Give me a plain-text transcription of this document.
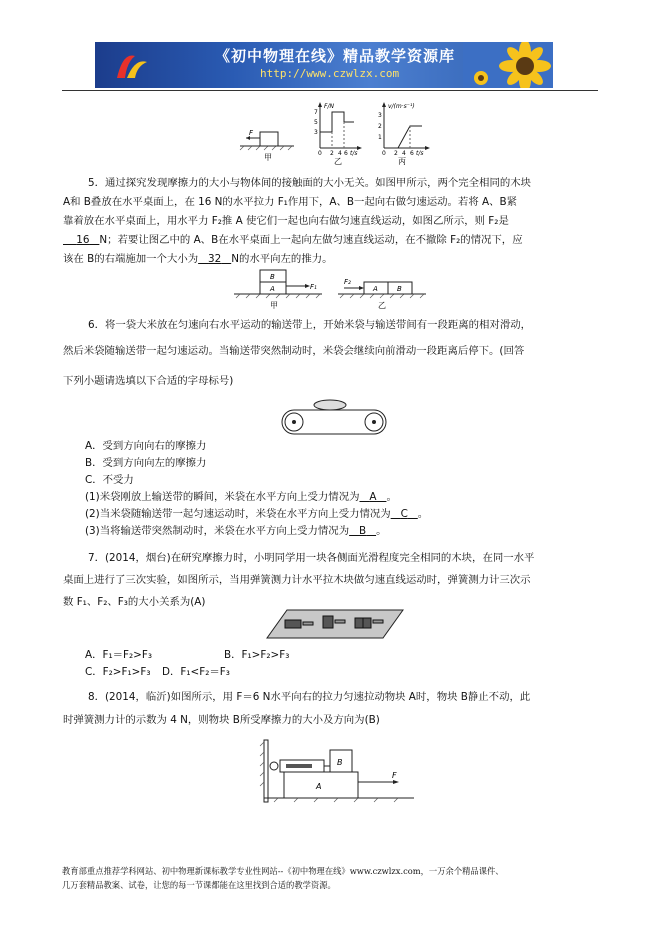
《初中物理在线》精品教学资源库
http://www.czwlzx.com
F
甲
F/N
7
5
3
0 2 4 6 t/s
乙
v/(m·s⁻¹)
3
2
1
0 2 4 6 t/s
丙
5．通过探究发现摩擦力的大小与物体间的接触面的大小无关。如图甲所示，两个完全相同的木块
A和 B叠放在水平桌面上，在 16 N的水平拉力 F₁作用下，A、B一起向右做匀速运动。若将 A、B紧
靠着放在水平桌面上，用水平力 F₂推 A 使它们一起也向右做匀速直线运动，如图乙所示，则 F₂是
16 N；若要让图乙中的 A、B在水平桌面上一起向左做匀速直线运动，在不撤除 F₂的情况下，应
该在 B的右端施加一个大小为 32 N的水平向左的推力。
A
B
F₁
甲
A	B
F₂
乙
6．将一袋大米放在匀速向右水平运动的输送带上，开始米袋与输送带间有一段距离的相对滑动，
然后米袋随输送带一起匀速运动。当输送带突然制动时，米袋会继续向前滑动一段距离后停下。(回答
下列小题请选填以下合适的字母标号)
A．受到方向向右的摩擦力
B．受到方向向左的摩擦力
C．不受力
(1)米袋刚放上输送带的瞬间，米袋在水平方向上受力情况为 A 。
(2)当米袋随输送带一起匀速运动时，米袋在水平方向上受力情况为 C 。
(3)当将输送带突然制动时，米袋在水平方向上受力情况为 B 。
7．(2014，烟台)在研究摩擦力时，小明同学用一块各侧面光滑程度完全相同的木块，在同一水平
桌面上进行了三次实验，如图所示，当用弹簧测力计水平拉木块做匀速直线运动时，弹簧测力计三次示
数 F₁、F₂、F₃的大小关系为(A)
A．F₁＝F₂>F₃	B．F₁>F₂>F₃
C．F₂>F₁>F₃ D．F₁<F₂＝F₃
8．(2014，临沂)如图所示，用 F＝6 N水平向右的拉力匀速拉动物块 A时，物块 B静止不动，此
时弹簧测力计的示数为 4 N，则物块 B所受摩擦力的大小及方向为(B)
B
A
F
教育部重点推荐学科网站、初中物理新课标教学专业性网站--《初中物理在线》www.czwlzx.com，一万余个精品课件、
几万套精品教案、试卷，让您的每一节课都能在这里找到合适的教学资源。
